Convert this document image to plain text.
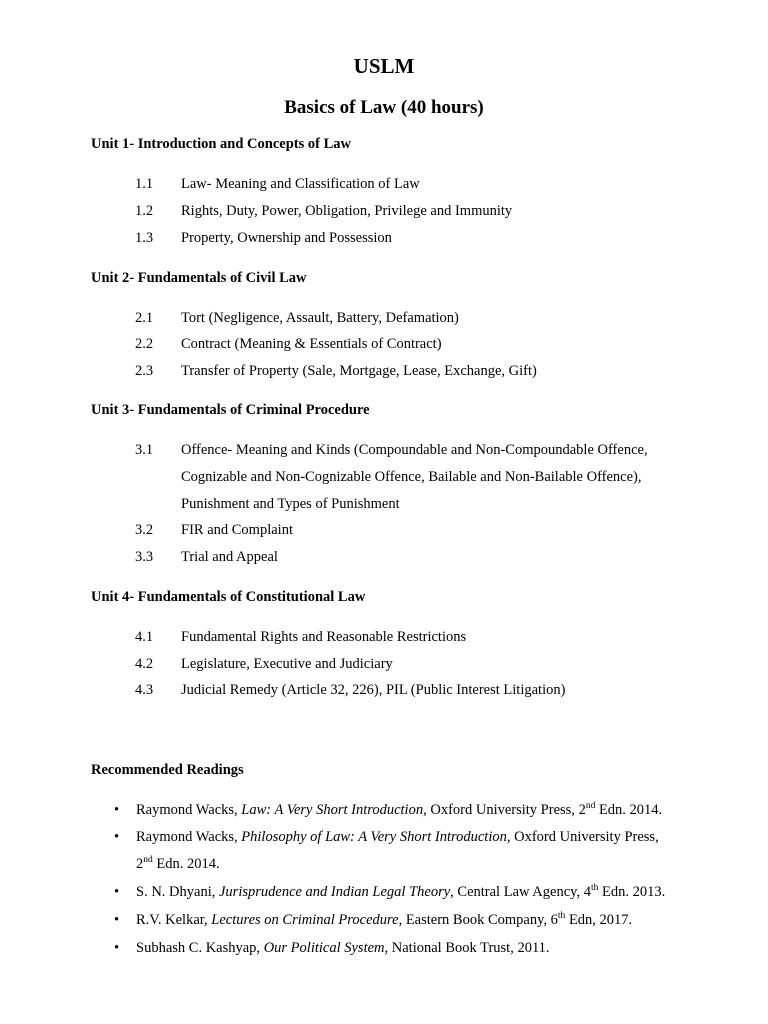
USLM
Basics of Law (40 hours)
Unit 1- Introduction and Concepts of Law
1.1 Law- Meaning and Classification of Law
1.2 Rights, Duty, Power, Obligation, Privilege and Immunity
1.3 Property, Ownership and Possession
Unit 2- Fundamentals of Civil Law
2.1 Tort (Negligence, Assault, Battery, Defamation)
2.2 Contract (Meaning & Essentials of Contract)
2.3 Transfer of Property (Sale, Mortgage, Lease, Exchange, Gift)
Unit 3- Fundamentals of Criminal Procedure
3.1 Offence- Meaning and Kinds (Compoundable and Non-Compoundable Offence,
Cognizable and Non-Cognizable Offence, Bailable and Non-Bailable Offence),
Punishment and Types of Punishment
3.2 FIR and Complaint
3.3 Trial and Appeal
Unit 4- Fundamentals of Constitutional Law
4.1 Fundamental Rights and Reasonable Restrictions
4.2 Legislature, Executive and Judiciary
4.3 Judicial Remedy (Article 32, 226), PIL (Public Interest Litigation)
Recommended Readings
• Raymond Wacks, Law: A Very Short Introduction, Oxford University Press, 2nd Edn. 2014.
• Raymond Wacks, Philosophy of Law: A Very Short Introduction, Oxford University Press,
2nd Edn. 2014.
• S. N. Dhyani, Jurisprudence and Indian Legal Theory, Central Law Agency, 4th Edn. 2013.
• R.V. Kelkar, Lectures on Criminal Procedure, Eastern Book Company, 6th Edn, 2017.
• Subhash C. Kashyap, Our Political System, National Book Trust, 2011.
